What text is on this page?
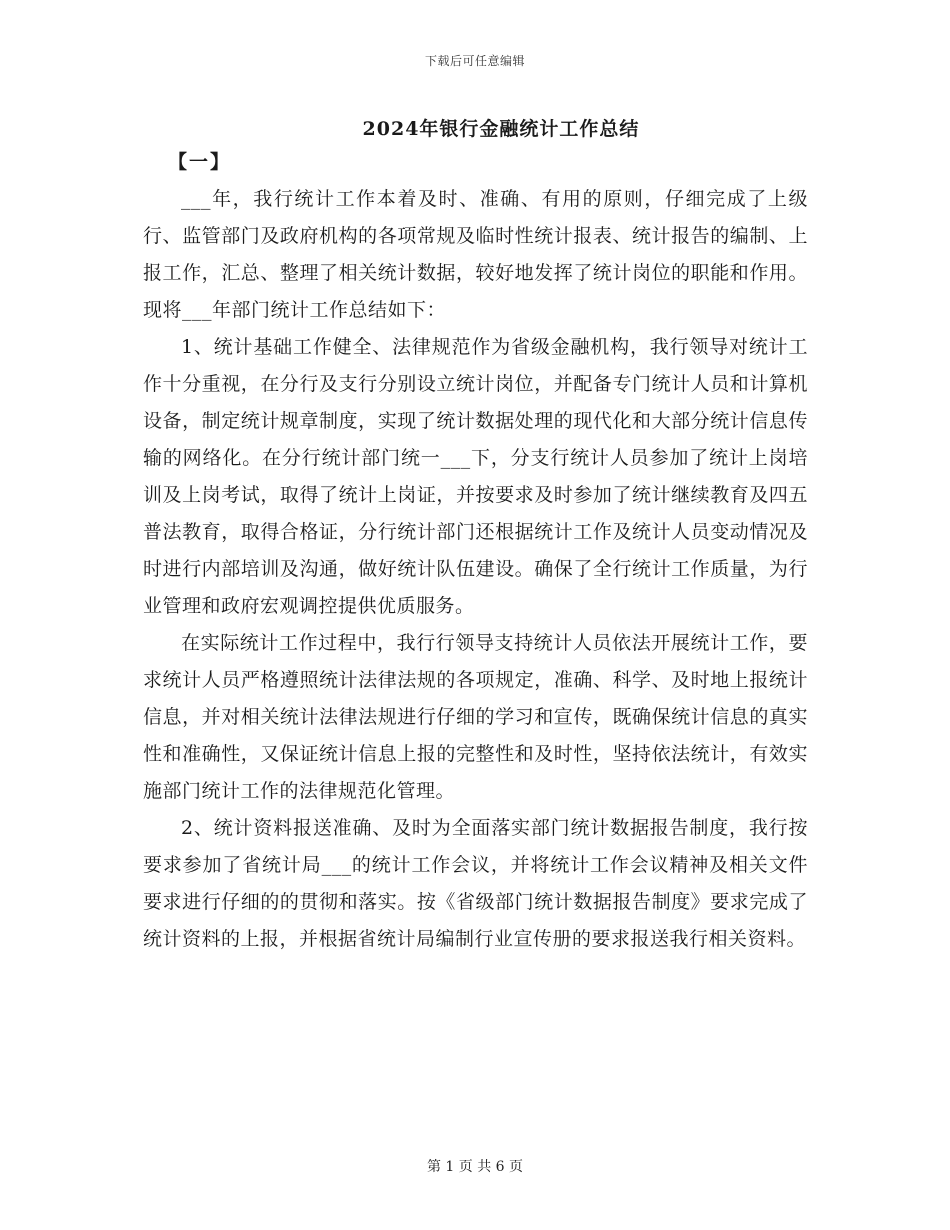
下载后可任意编辑
2024年银行金融统计工作总结
【一】

___年，我行统计工作本着及时、准确、有用的原则，仔细完成了上级行、监管部门及政府机构的各项常规及临时性统计报表、统计报告的编制、上报工作，汇总、整理了相关统计数据，较好地发挥了统计岗位的职能和作用。现将___年部门统计工作总结如下：

1、统计基础工作健全、法律规范作为省级金融机构，我行领导对统计工作十分重视，在分行及支行分别设立统计岗位，并配备专门统计人员和计算机设备，制定统计规章制度，实现了统计数据处理的现代化和大部分统计信息传输的网络化。在分行统计部门统一___下，分支行统计人员参加了统计上岗培训及上岗考试，取得了统计上岗证，并按要求及时参加了统计继续教育及四五普法教育，取得合格证，分行统计部门还根据统计工作及统计人员变动情况及时进行内部培训及沟通，做好统计队伍建设。确保了全行统计工作质量，为行业管理和政府宏观调控提供优质服务。

在实际统计工作过程中，我行行领导支持统计人员依法开展统计工作，要求统计人员严格遵照统计法律法规的各项规定，准确、科学、及时地上报统计信息，并对相关统计法律法规进行仔细的学习和宣传，既确保统计信息的真实性和准确性，又保证统计信息上报的完整性和及时性，坚持依法统计，有效实施部门统计工作的法律规范化管理。

2、统计资料报送准确、及时为全面落实部门统计数据报告制度，我行按要求参加了省统计局___的统计工作会议，并将统计工作会议精神及相关文件要求进行仔细的的贯彻和落实。按《省级部门统计数据报告制度》要求完成了统计资料的上报，并根据省统计局编制行业宣传册的要求报送我行相关资料。

第 1 页 共 6 页
